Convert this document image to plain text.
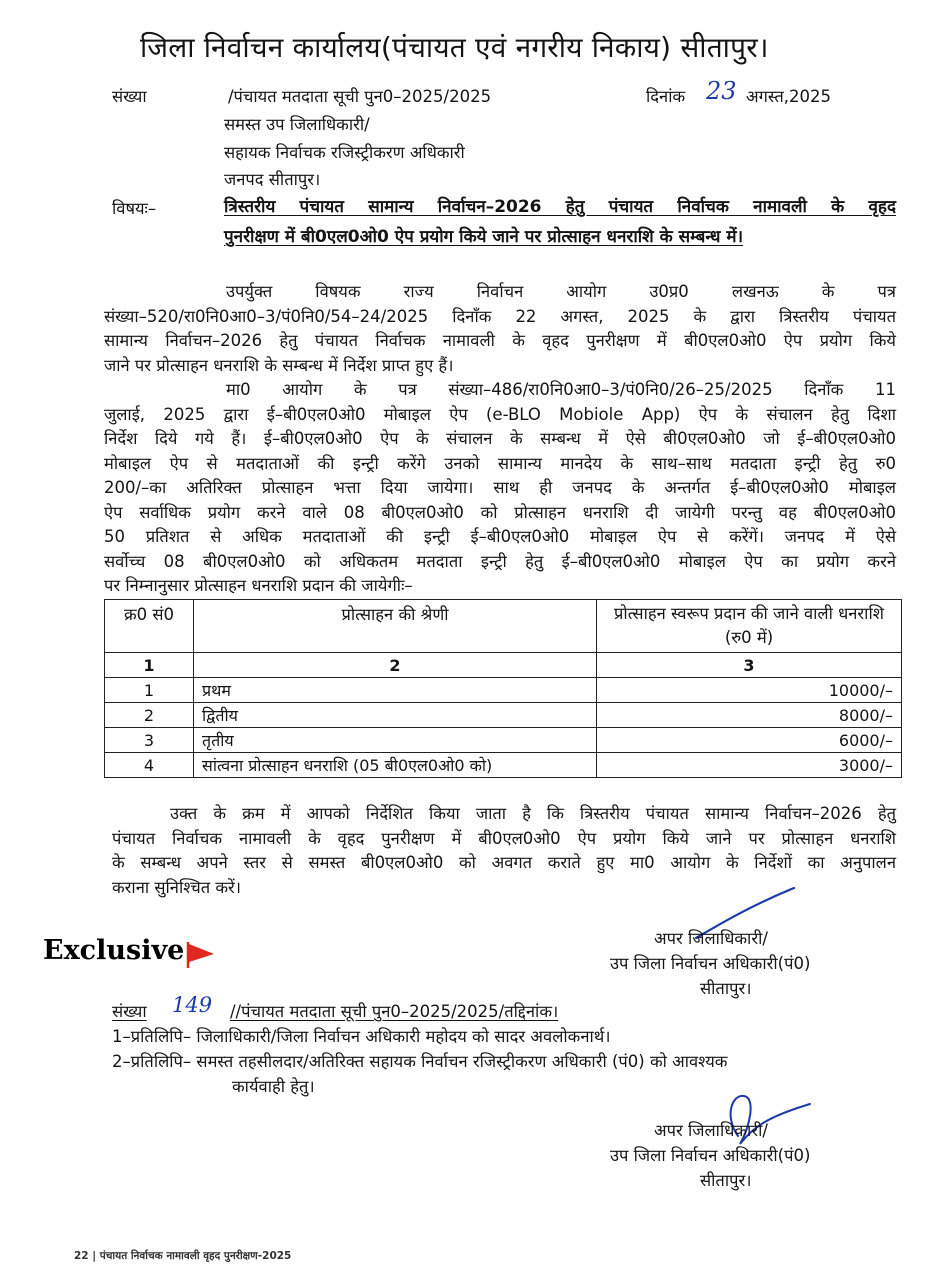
जिला निर्वाचन कार्यालय(पंचायत एवं नगरीय निकाय) सीतापुर।
संख्या	/पंचायत मतदाता सूची पुन0–2025/2025	दिनांक 23 अगस्त,2025
समस्त उप जिलाधिकारी/
सहायक निर्वाचक रजिस्ट्रीकरण अधिकारी
जनपद सीतापुर।
विषयः–	त्रिस्तरीय पंचायत सामान्य निर्वाचन–2026 हेतु पंचायत निर्वाचक नामावली के वृहद
पुनरीक्षण में बी0एल0ओ0 ऐप प्रयोग किये जाने पर प्रोत्साहन धनराशि के सम्बन्ध में।

उपर्युक्त विषयक राज्य निर्वाचन आयोग उ0प्र0 लखनऊ के पत्र

संख्या–520/रा0नि0आ0–3/पं0नि0/54–24/2025 दिनाँक 22 अगस्त, 2025 के द्वारा त्रिस्तरीय पंचायत

सामान्य निर्वाचन–2026 हेतु पंचायत निर्वाचक नामावली के वृहद पुनरीक्षण में बी0एल0ओ0 ऐप प्रयोग किये

जाने पर प्रोत्साहन धनराशि के सम्बन्ध में निर्देश प्राप्त हुए हैं।

मा0 आयोग के पत्र संख्या–486/रा0नि0आ0–3/पं0नि0/26–25/2025 दिनाँक 11

जुलाई, 2025 द्वारा ई–बी0एल0ओ0 मोबाइल ऐप (e-BLO Mobiole App) ऐप के संचालन हेतु दिशा

निर्देश दिये गये हैं। ई–बी0एल0ओ0 ऐप के संचालन के सम्बन्ध में ऐसे बी0एल0ओ0 जो ई–बी0एल0ओ0

मोबाइल ऐप से मतदाताओं की इन्ट्री करेंगे उनको सामान्य मानदेय के साथ–साथ मतदाता इन्ट्री हेतु रु0

200/–का अतिरिक्त प्रोत्साहन भत्ता दिया जायेगा। साथ ही जनपद के अन्तर्गत ई–बी0एल0ओ0 मोबाइल

ऐप सर्वाधिक प्रयोग करने वाले 08 बी0एल0ओ0 को प्रोत्साहन धनराशि दी जायेगी परन्तु वह बी0एल0ओ0

50 प्रतिशत से अधिक मतदाताओं की इन्ट्री ई–बी0एल0ओ0 मोबाइल ऐप से करेंगें। जनपद में ऐसे

सर्वोच्च 08 बी0एल0ओ0 को अधिकतम मतदाता इन्ट्री हेतु ई–बी0एल0ओ0 मोबाइल ऐप का प्रयोग करने

पर निम्नानुसार प्रोत्साहन धनराशि प्रदान की जायेगीः–

क्र0 सं0	प्रोत्साहन की श्रेणी	प्रोत्साहन स्वरूप प्रदान की जाने वाली धनराशि (रु0 में)
1	2	3
1	प्रथम	10000/–
2	द्वितीय	8000/–
3	तृतीय	6000/–
4	सांत्वना प्रोत्साहन धनराशि (05 बी0एल0ओ0 को)	3000/–

उक्त के क्रम में आपको निर्देशित किया जाता है कि त्रिस्तरीय पंचायत सामान्य निर्वाचन–2026 हेतु

पंचायत निर्वाचक नामावली के वृहद पुनरीक्षण में बी0एल0ओ0 ऐप प्रयोग किये जाने पर प्रोत्साहन धनराशि

के सम्बन्ध अपने स्तर से समस्त बी0एल0ओ0 को अवगत कराते हुए मा0 आयोग के निर्देशों का अनुपालन

कराना सुनिश्चित करें।

अपर जिलाधिकारी/
उप जिला निर्वाचन अधिकारी(पं0)
सीतापुर।
Exclusive
संख्या 149 //पंचायत मतदाता सूची पुन0–2025/2025/तद्दिनांक।
1–प्रतिलिपि– जिलाधिकारी/जिला निर्वाचन अधिकारी महोदय को सादर अवलोकनार्थ।
2–प्रतिलिपि– समस्त तहसीलदार/अतिरिक्त सहायक निर्वाचन रजिस्ट्रीकरण अधिकारी (पं0) को आवश्यक
कार्यवाही हेतु।
अपर जिलाधिकारी/
उप जिला निर्वाचन अधिकारी(पं0)
सीतापुर।
22 | पंचायत निर्वाचक नामावली वृहद पुनरीक्षण-2025
